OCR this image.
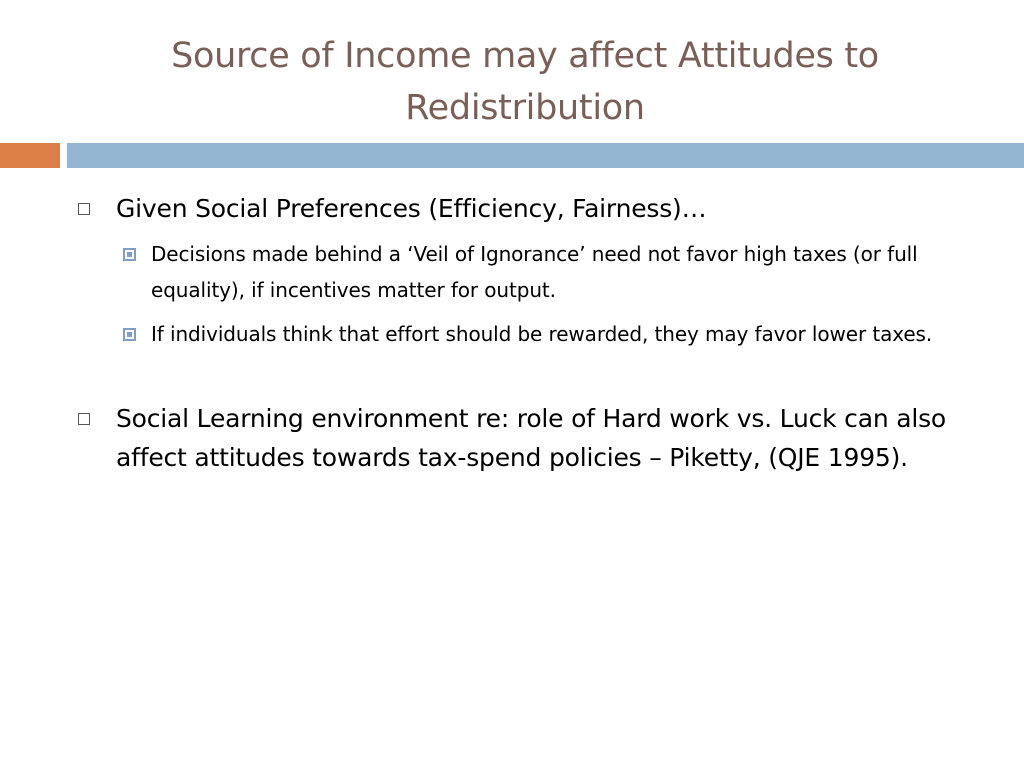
Source of Income may affect Attitudes to Redistribution
Given Social Preferences (Efficiency, Fairness)…
Decisions made behind a ‘Veil of Ignorance’ need not favor high taxes (or full equality), if incentives matter for output.
If individuals think that effort should be rewarded, they may favor lower taxes.
Social Learning environment re: role of Hard work vs. Luck can also affect attitudes towards tax-spend policies – Piketty, (QJE 1995).
